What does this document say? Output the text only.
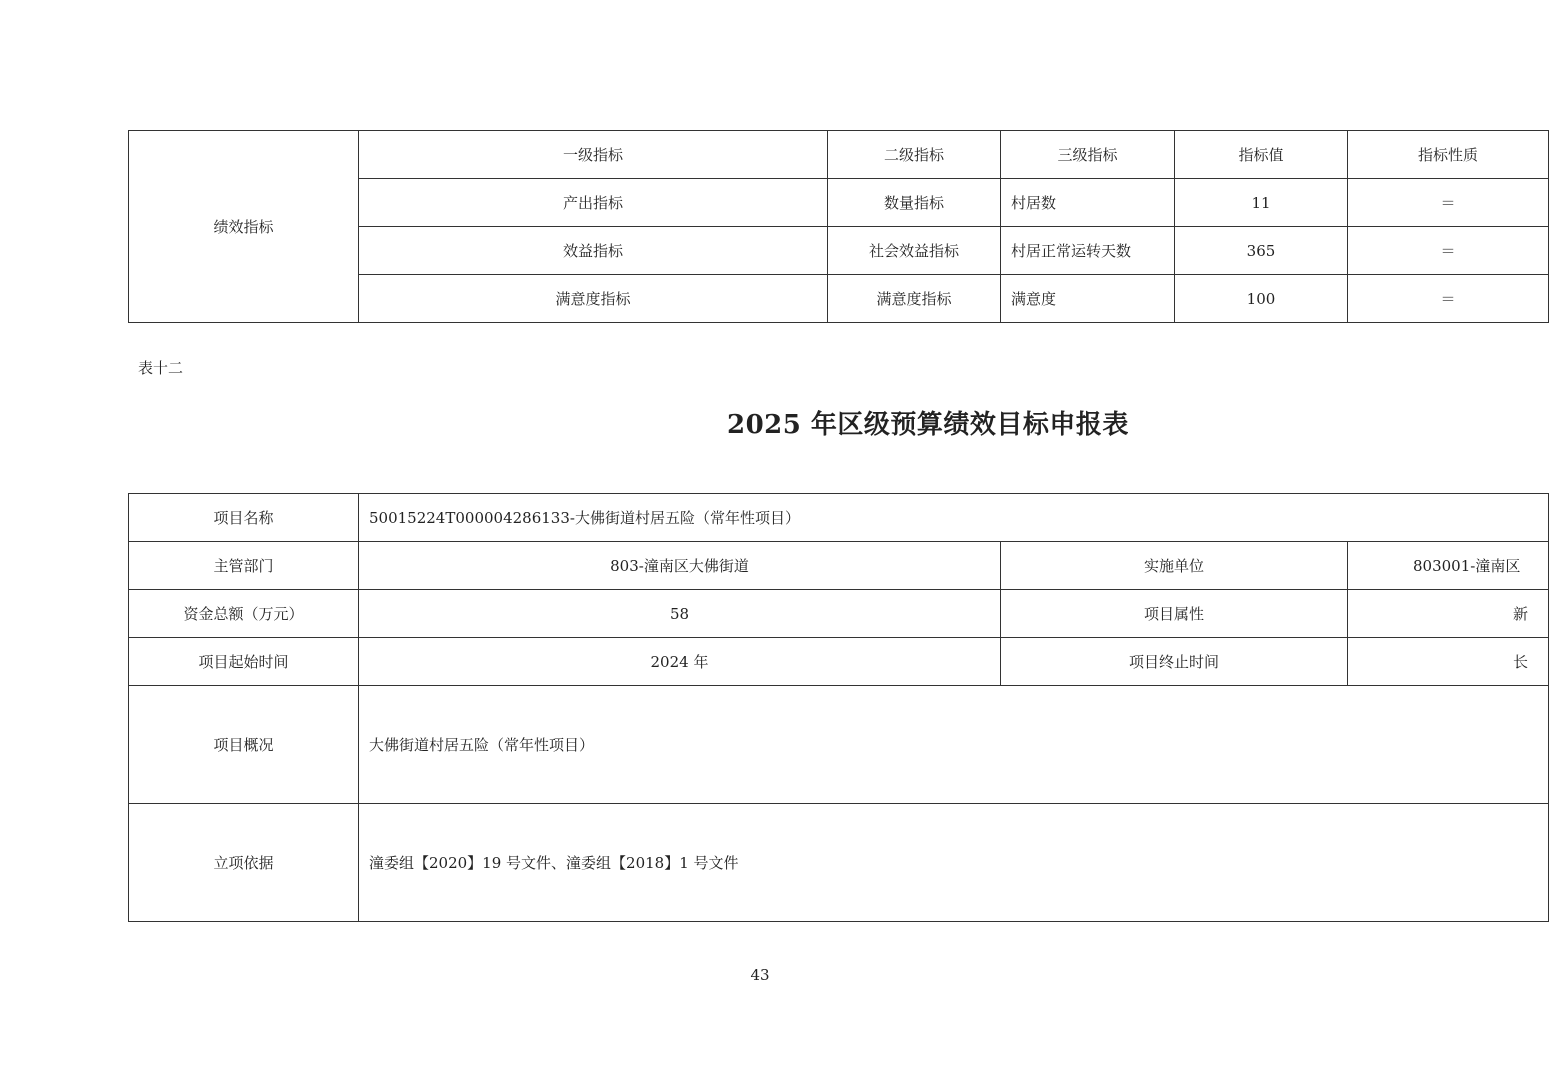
绩效指标	一级指标	二级指标	三级指标	指标值	指标性质
	产出指标	数量指标	村居数	11	＝
	效益指标	社会效益指标	村居正常运转天数	365	＝
	满意度指标	满意度指标	满意度	100	＝
表十二
2025 年区级预算绩效目标申报表
项目名称	50015224T000004286133-大佛街道村居五险（常年性项目）		
主管部门	803-潼南区大佛街道	实施单位	803001-潼南区
资金总额（万元）	58	项目属性	新
项目起始时间	2024 年	项目终止时间	长
项目概况	大佛街道村居五险（常年性项目）		
立项依据	潼委组【2020】19 号文件、潼委组【2018】1 号文件		
43
